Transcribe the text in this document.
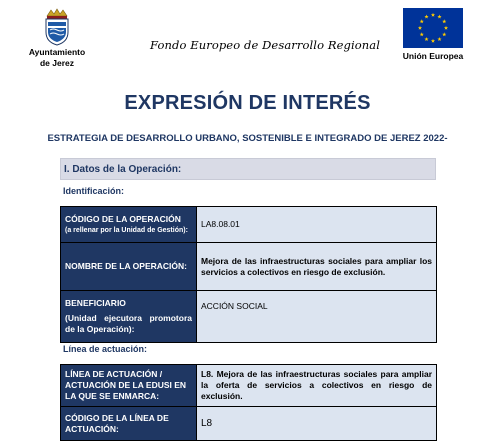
Ayuntamiento
de Jerez
Fondo Europeo de Desarrollo Regional
Unión Europea
EXPRESIÓN DE INTERÉS
ESTRATEGIA DE DESARROLLO URBANO, SOSTENIBLE E INTEGRADO DE JEREZ 2022-
I. Datos de la Operación:
Identificación:
CÓDIGO DE LA OPERACIÓN
(a rellenar por la Unidad de Gestión):	LA8.08.01
NOMBRE DE LA OPERACIÓN:	Mejora de las infraestructuras sociales para ampliar los servicios a colectivos en riesgo de exclusión.

BENEFICIARIO
(Unidad ejecutora promotora de la Operación):	ACCIÓN SOCIAL
Línea de actuación:
LÍNEA DE ACTUACIÓN / ACTUACIÓN DE LA EDUSI EN LA QUE SE ENMARCA:	L8. Mejora de las infraestructuras sociales para ampliar la oferta de servicios a colectivos en riesgo de exclusión.
CÓDIGO DE LA LÍNEA DE ACTUACIÓN:	L8
